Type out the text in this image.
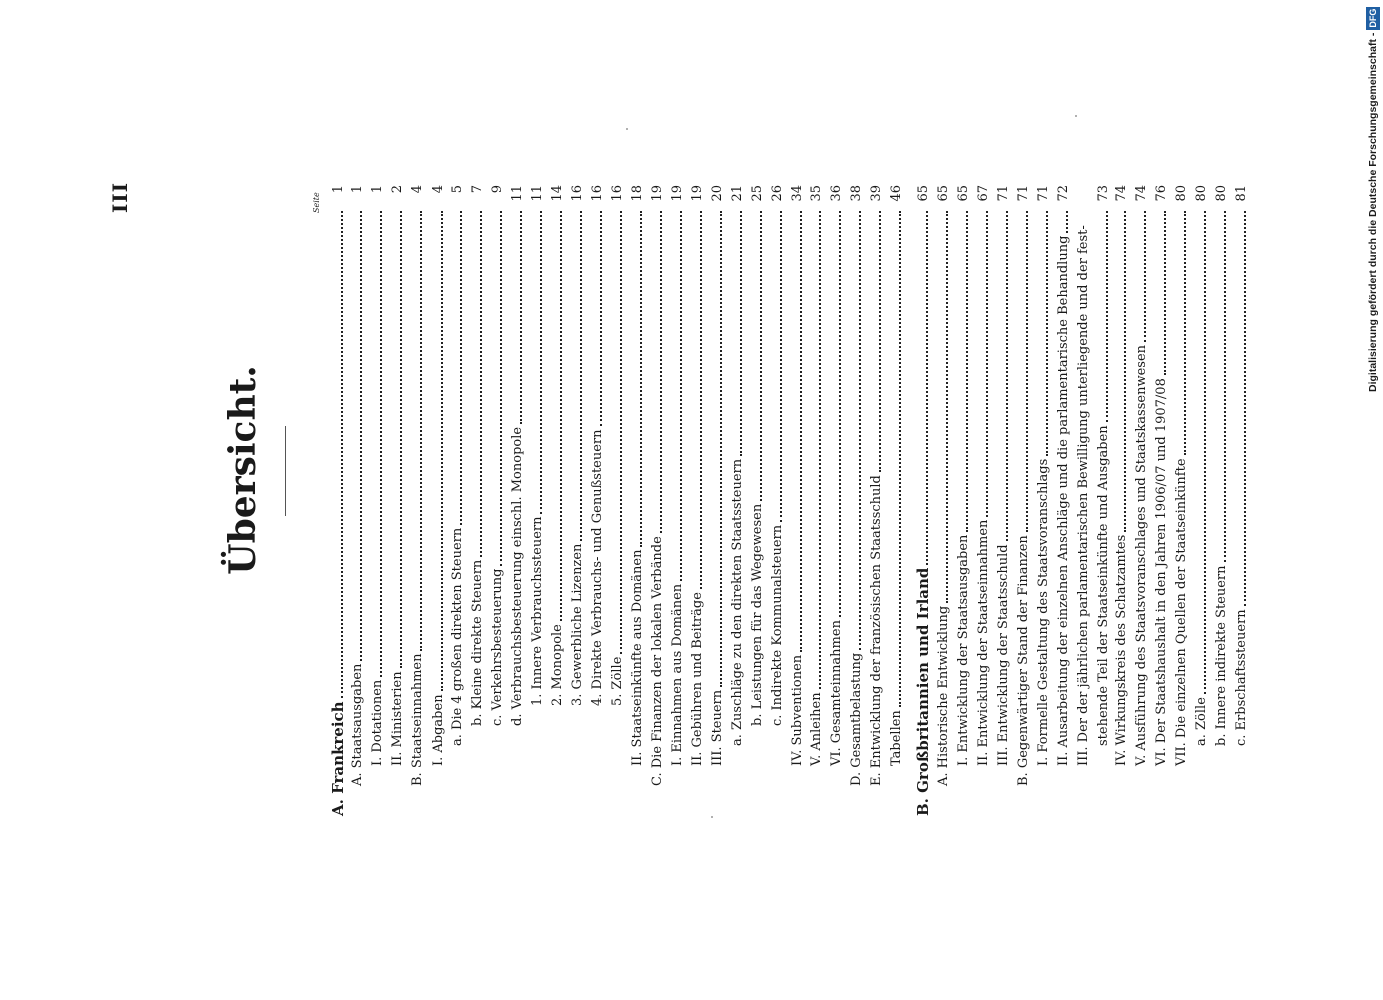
III
Übersicht.
Seite
A. Frankreich
1
A. Staatsausgaben
1
I. Dotationen
1
II. Ministerien
2
B. Staatseinnahmen
4
I. Abgaben
4
a. Die 4 großen direkten Steuern
5
b. Kleine direkte Steuern
7
c. Verkehrsbesteuerung
9
d. Verbrauchsbesteuerung einschl. Monopole
11
1. Innere Verbrauchssteuern
11
2. Monopole
14
3. Gewerbliche Lizenzen
16
4. Direkte Verbrauchs- und Genußsteuern
16
5. Zölle
16
II. Staatseinkünfte aus Domänen
18
C. Die Finanzen der lokalen Verbände
19
I. Einnahmen aus Domänen
19
II. Gebühren und Beiträge
19
III. Steuern
20
a. Zuschläge zu den direkten Staatssteuern
21
b. Leistungen für das Wegewesen
25
c. Indirekte Kommunalsteuern
26
IV. Subventionen
34
V. Anleihen
35
VI. Gesamteinnahmen
36
D. Gesamtbelastung
38
E. Entwicklung der französischen Staatsschuld
39
Tabellen
46
B. Großbritannien und Irland
65
A. Historische Entwicklung
65
I. Entwicklung der Staatsausgaben
65
II. Entwicklung der Staatseinnahmen
67
III. Entwicklung der Staatsschuld
71
B. Gegenwärtiger Stand der Finanzen
71
I. Formelle Gestaltung des Staatsvoranschlags
71
II. Ausarbeitung der einzelnen Anschläge und die parlamentarische Behandlung
72
III. Der der jährlichen parlamentarischen Bewilligung unterliegende und der fest- stehende Teil der Staatseinkünfte und Ausgaben
73
IV. Wirkungskreis des Schatzamtes
74
V. Ausführung des Staatsvoranschlages und Staatskassenwesen
74
VI. Der Staatshaushalt in den Jahren 1906/07 und 1907/08
76
VII. Die einzelnen Quellen der Staatseinkünfte
80
a. Zölle
80
b. Innere indirekte Steuern
80
c. Erbschaftssteuern
81	Digitalisierung gefördert durch die Deutsche Forschungsgemeinschaft -
DFG
